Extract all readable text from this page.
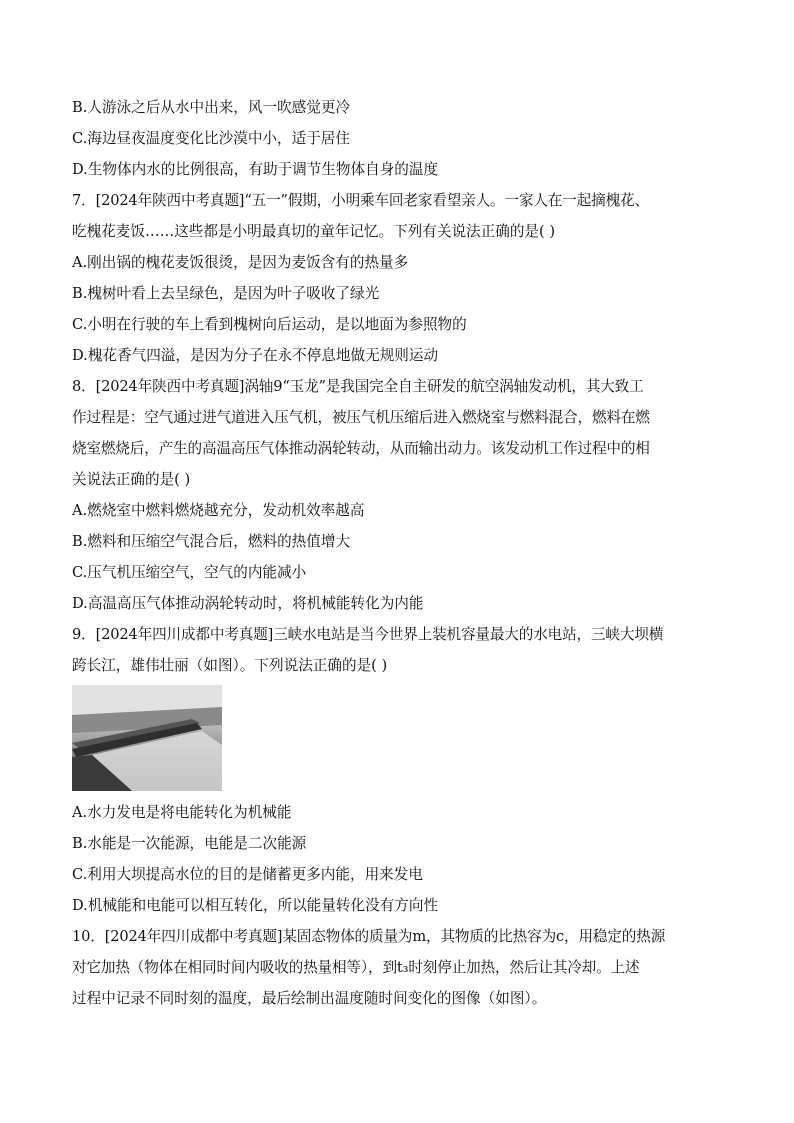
B.人游泳之后从水中出来，风一吹感觉更冷
C.海边昼夜温度变化比沙漠中小，适于居住
D.生物体内水的比例很高，有助于调节生物体自身的温度
7．[2024年陕西中考真题]“五一”假期，小明乘车回老家看望亲人。一家人在一起摘槐花、
吃槐花麦饭……这些都是小明最真切的童年记忆。下列有关说法正确的是( )
A.刚出锅的槐花麦饭很烫，是因为麦饭含有的热量多
B.槐树叶看上去呈绿色，是因为叶子吸收了绿光
C.小明在行驶的车上看到槐树向后运动，是以地面为参照物的
D.槐花香气四溢，是因为分子在永不停息地做无规则运动
8．[2024年陕西中考真题]涡轴9“玉龙”是我国完全自主研发的航空涡轴发动机，其大致工
作过程是：空气通过进气道进入压气机，被压气机压缩后进入燃烧室与燃料混合，燃料在燃
烧室燃烧后，产生的高温高压气体推动涡轮转动，从而输出动力。该发动机工作过程中的相
关说法正确的是( )
A.燃烧室中燃料燃烧越充分，发动机效率越高
B.燃料和压缩空气混合后，燃料的热值增大
C.压气机压缩空气，空气的内能减小
D.高温高压气体推动涡轮转动时，将机械能转化为内能
9．[2024年四川成都中考真题]三峡水电站是当今世界上装机容量最大的水电站，三峡大坝横
跨长江，雄伟壮丽（如图）。下列说法正确的是( )
A.水力发电是将电能转化为机械能
B.水能是一次能源，电能是二次能源
C.利用大坝提高水位的目的是储蓄更多内能，用来发电
D.机械能和电能可以相互转化，所以能量转化没有方向性
10．[2024年四川成都中考真题]某固态物体的质量为m，其物质的比热容为c，用稳定的热源
对它加热（物体在相同时间内吸收的热量相等），到t₃时刻停止加热，然后让其冷却。上述
过程中记录不同时刻的温度，最后绘制出温度随时间变化的图像（如图）。
